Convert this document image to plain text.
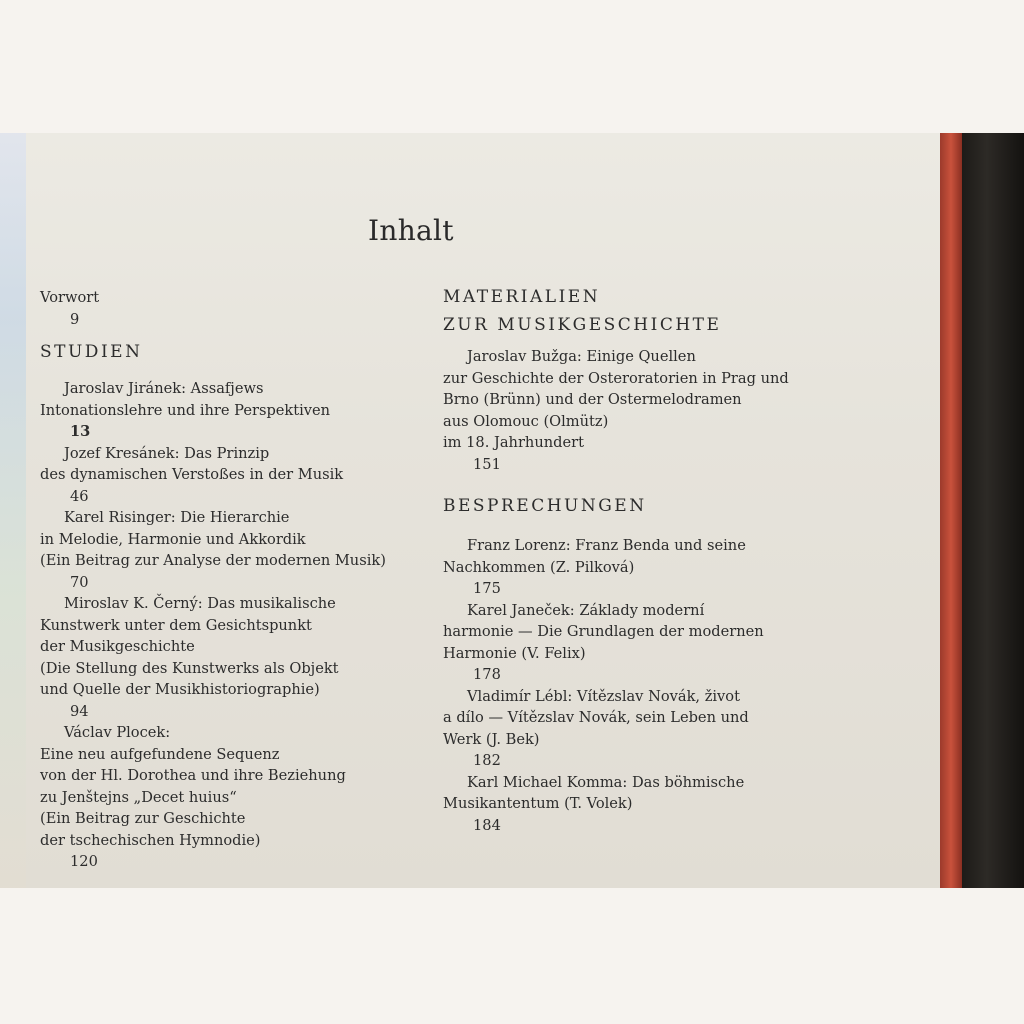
Inhalt
Vorwort
9
STUDIEN
Jaroslav Jiránek: Assafjews
Intonationslehre und ihre Perspektiven
13
Jozef Kresánek: Das Prinzip
des dynamischen Verstoßes in der Musik
46
Karel Risinger: Die Hierarchie
in Melodie, Harmonie und Akkordik
(Ein Beitrag zur Analyse der modernen Musik)
70
Miroslav K. Černý: Das musikalische
Kunstwerk unter dem Gesichtspunkt
der Musikgeschichte
(Die Stellung des Kunstwerks als Objekt
und Quelle der Musikhistoriographie)
94
Václav Plocek:
Eine neu aufgefundene Sequenz
von der Hl. Dorothea und ihre Beziehung
zu Jenštejns „Decet huius“
(Ein Beitrag zur Geschichte
der tschechischen Hymnodie)
120
MATERIALIEN
ZUR MUSIKGESCHICHTE
Jaroslav Bužga: Einige Quellen
zur Geschichte der Osteroratorien in Prag und
Brno (Brünn) und der Ostermelodramen
aus Olomouc (Olmütz)
im 18. Jahrhundert
151
BESPRECHUNGEN
Franz Lorenz: Franz Benda und seine
Nachkommen (Z. Pilková)
175
Karel Janeček: Základy moderní
harmonie — Die Grundlagen der modernen
Harmonie (V. Felix)
178
Vladimír Lébl: Vítězslav Novák, život
a dílo — Vítězslav Novák, sein Leben und
Werk (J. Bek)
182
Karl Michael Komma: Das böhmische
Musikantentum (T. Volek)
184
